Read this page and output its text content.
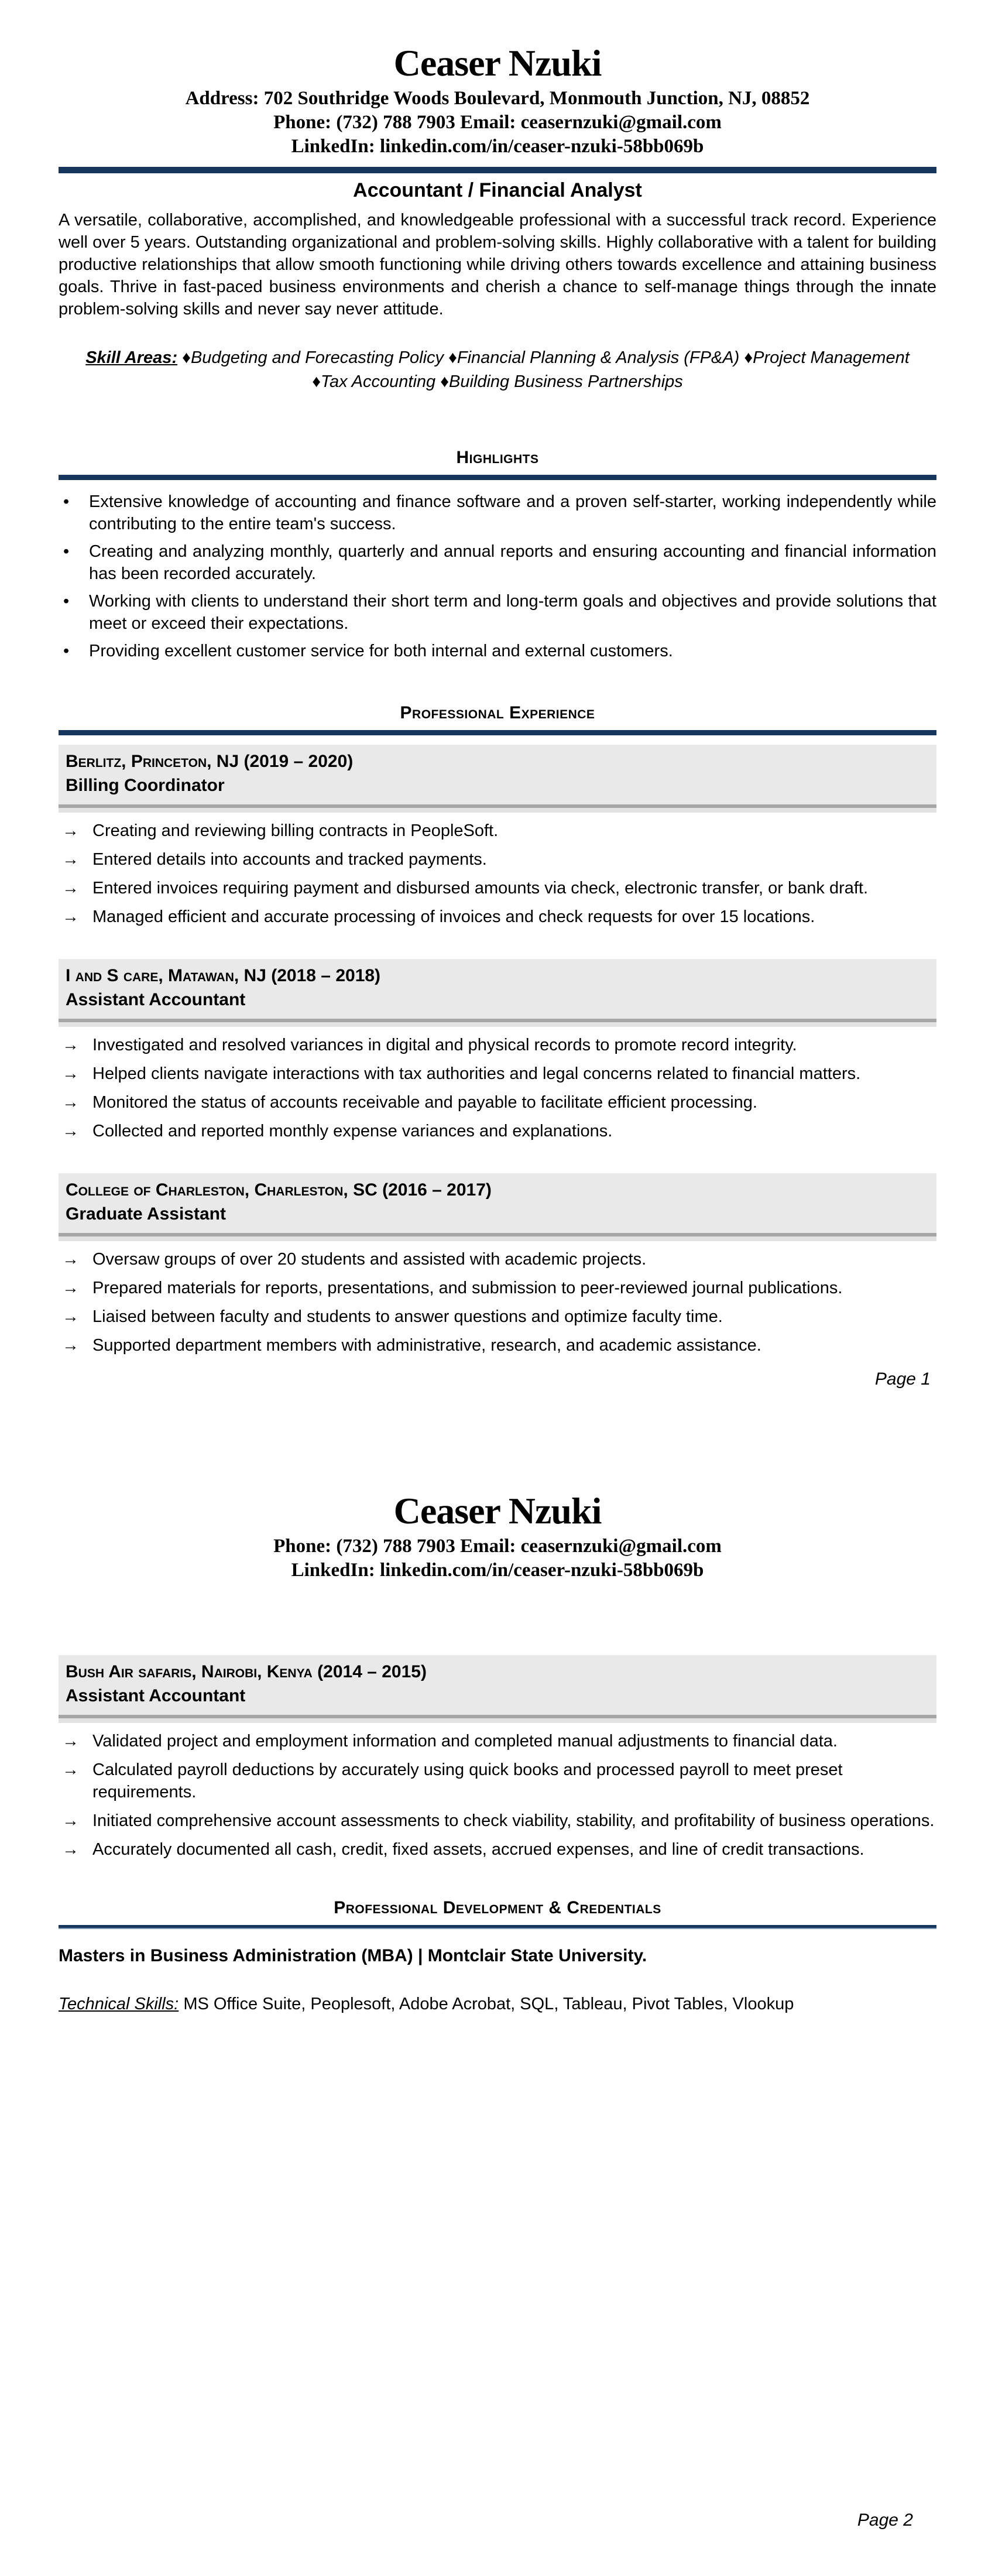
Ceaser Nzuki
Address: 702 Southridge Woods Boulevard, Monmouth Junction, NJ, 08852
Phone: (732) 788 7903 Email: ceasernzuki@gmail.com
LinkedIn: linkedin.com/in/ceaser-nzuki-58bb069b
Accountant / Financial Analyst
A versatile, collaborative, accomplished, and knowledgeable professional with a successful track record. Experience well over 5 years. Outstanding organizational and problem-solving skills. Highly collaborative with a talent for building productive relationships that allow smooth functioning while driving others towards excellence and attaining business goals. Thrive in fast-paced business environments and cherish a chance to self-manage things through the innate problem-solving skills and never say never attitude.
Skill Areas: ♦Budgeting and Forecasting Policy ♦Financial Planning & Analysis (FP&A) ♦Project Management ♦Tax Accounting ♦Building Business Partnerships
Highlights
•	Extensive knowledge of accounting and finance software and a proven self-starter, working independently while contributing to the entire team's success.
•	Creating and analyzing monthly, quarterly and annual reports and ensuring accounting and financial information has been recorded accurately.
•	Working with clients to understand their short term and long-term goals and objectives and provide solutions that meet or exceed their expectations.
•	Providing excellent customer service for both internal and external customers.
Professional Experience
Berlitz, Princeton, NJ (2019 – 2020)
Billing Coordinator
→ Creating and reviewing billing contracts in PeopleSoft.
→ Entered details into accounts and tracked payments.
→ Entered invoices requiring payment and disbursed amounts via check, electronic transfer, or bank draft.
→ Managed efficient and accurate processing of invoices and check requests for over 15 locations.
I and S care, Matawan, NJ (2018 – 2018)
Assistant Accountant
→ Investigated and resolved variances in digital and physical records to promote record integrity.
→ Helped clients navigate interactions with tax authorities and legal concerns related to financial matters.
→ Monitored the status of accounts receivable and payable to facilitate efficient processing.
→ Collected and reported monthly expense variances and explanations.
College of Charleston, Charleston, SC (2016 – 2017)
Graduate Assistant
→ Oversaw groups of over 20 students and assisted with academic projects.
→ Prepared materials for reports, presentations, and submission to peer-reviewed journal publications.
→ Liaised between faculty and students to answer questions and optimize faculty time.
→ Supported department members with administrative, research, and academic assistance.
Page 1
Ceaser Nzuki
Phone: (732) 788 7903 Email: ceasernzuki@gmail.com
LinkedIn: linkedin.com/in/ceaser-nzuki-58bb069b
Bush Air safaris, Nairobi, Kenya (2014 – 2015)
Assistant Accountant
→ Validated project and employment information and completed manual adjustments to financial data.
→ Calculated payroll deductions by accurately using quick books and processed payroll to meet preset requirements.
→ Initiated comprehensive account assessments to check viability, stability, and profitability of business operations.
→ Accurately documented all cash, credit, fixed assets, accrued expenses, and line of credit transactions.
Professional Development & Credentials
Masters in Business Administration (MBA) | Montclair State University.
Technical Skills: MS Office Suite, Peoplesoft, Adobe Acrobat, SQL, Tableau, Pivot Tables, Vlookup
Page 2
